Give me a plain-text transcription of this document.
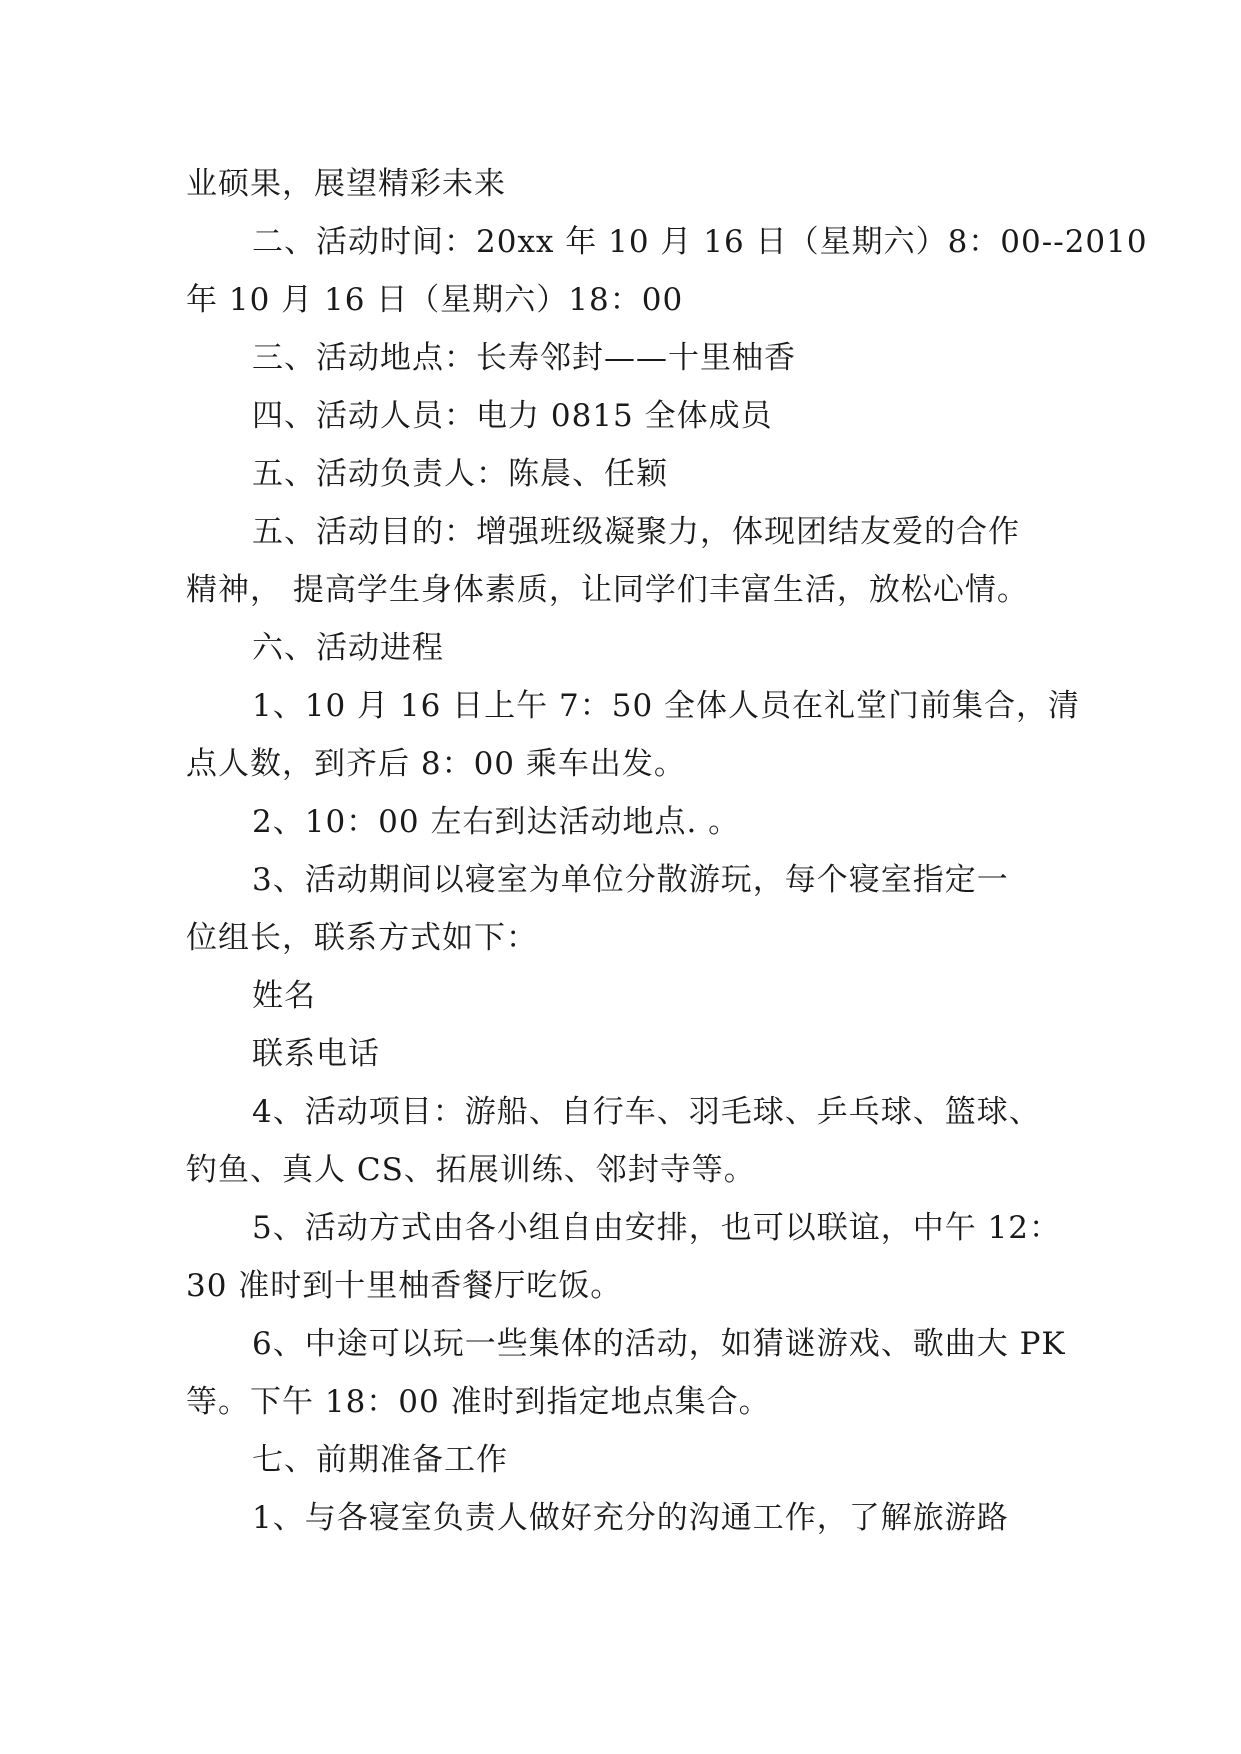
业硕果，展望精彩未来
二、活动时间：20xx 年 10 月 16 日（星期六）8：00--2010
年 10 月 16 日（星期六）18：00
三、活动地点：长寿邻封——十里柚香
四、活动人员：电力 0815 全体成员
五、活动负责人：陈晨、任颖
五、活动目的：增强班级凝聚力，体现团结友爱的合作
精神， 提高学生身体素质，让同学们丰富生活，放松心情。
六、活动进程
1、10 月 16 日上午 7：50 全体人员在礼堂门前集合，清
点人数，到齐后 8：00 乘车出发。
2、10：00 左右到达活动地点. 。
3、活动期间以寝室为单位分散游玩，每个寝室指定一
位组长，联系方式如下：
姓名
联系电话
4、活动项目：游船、自行车、羽毛球、乒乓球、篮球、
钓鱼、真人 CS、拓展训练、邻封寺等。
5、活动方式由各小组自由安排，也可以联谊，中午 12：
30 准时到十里柚香餐厅吃饭。
6、中途可以玩一些集体的活动，如猜谜游戏、歌曲大 PK
等。下午 18：00 准时到指定地点集合。
七、前期准备工作
1、与各寝室负责人做好充分的沟通工作，了解旅游路
